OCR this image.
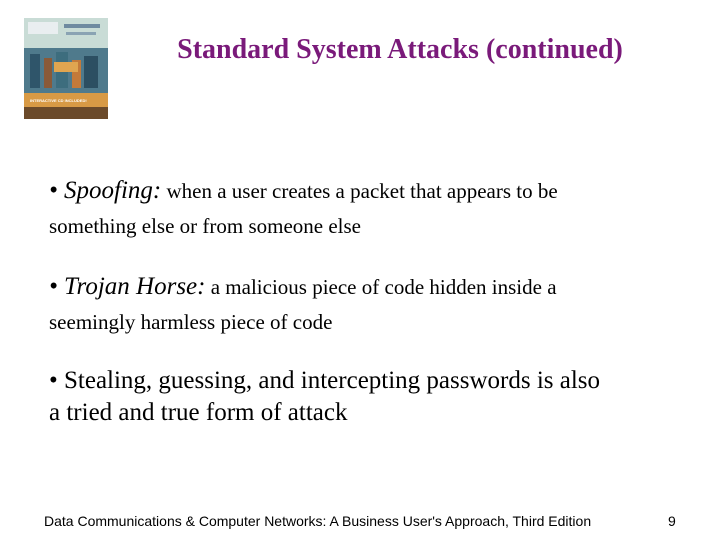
INTERACTIVE CD INCLUDED!
Standard System Attacks (continued)
• Spoofing: when a user creates a packet that appears to be
something else or from someone else
• Trojan Horse: a malicious piece of code hidden inside a
seemingly harmless piece of code
• Stealing, guessing, and intercepting passwords is also
a tried and true form of attack
Data Communications & Computer Networks: A Business User's Approach, Third Edition	9
